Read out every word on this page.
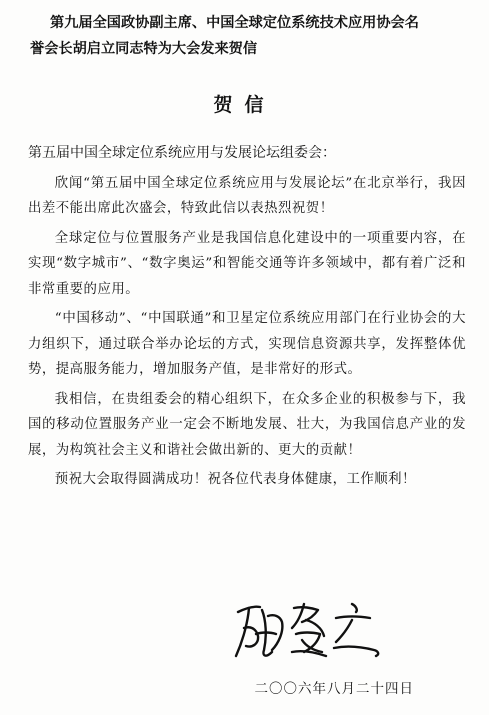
第九届全国政协副主席、中国全球定位系统技术应用协会名
誉会长胡启立同志特为大会发来贺信
贺信
第五届中国全球定位系统应用与发展论坛组委会：

欣闻“第五届中国全球定位系统应用与发展论坛”在北京举行，我因出差不能出席此次盛会，特致此信以表热烈祝贺！

全球定位与位置服务产业是我国信息化建设中的一项重要内容，在实现“数字城市”、“数字奥运”和智能交通等许多领域中，都有着广泛和非常重要的应用。

“中国移动”、“中国联通”和卫星定位系统应用部门在行业协会的大力组织下，通过联合举办论坛的方式，实现信息资源共享，发挥整体优势，提高服务能力，增加服务产值，是非常好的形式。

我相信，在贵组委会的精心组织下，在众多企业的积极参与下，我国的移动位置服务产业一定会不断地发展、壮大，为我国信息产业的发展，为构筑社会主义和谐社会做出新的、更大的贡献！

预祝大会取得圆满成功！祝各位代表身体健康，工作顺利！

二〇〇六年八月二十四日
